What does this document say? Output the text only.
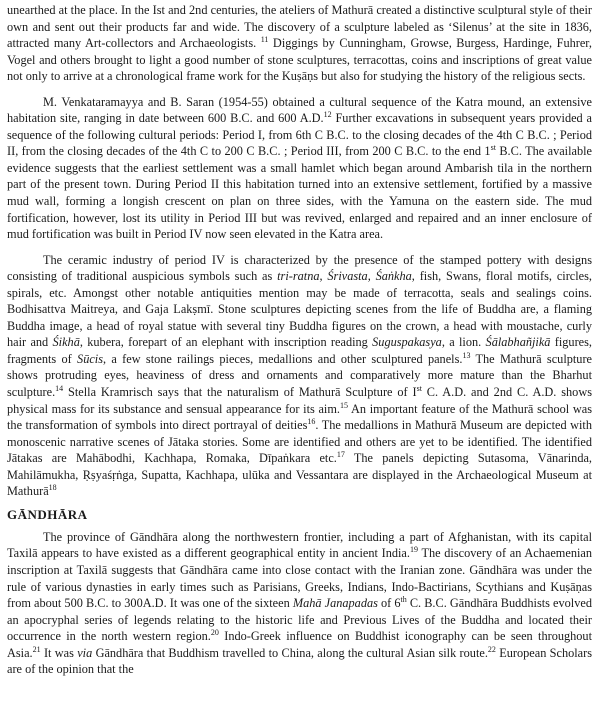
unearthed at the place. In the Ist and 2nd centuries, the ateliers of Mathurā created a distinctive sculptural style of their own and sent out their products far and wide. The discovery of a sculpture labeled as ‘Silenus’ at the site in 1836, attracted many Art-collectors and Archaeologists. $^{11}$ Diggings by Cunningham, Growse, Burgess, Hardinge, Fuhrer, Vogel and others brought to light a good number of stone sculptures, terracottas, coins and inscriptions of great value not only to arrive at a chronological frame work for the Kuṣāṇs but also for studying the history of the religious sects.

M. Venkataramayya and B. Saran (1954-55) obtained a cultural sequence of the Katra mound, an extensive habitation site, ranging in date between 600 B.C. and 600 A.D.$^{12}$ Further excavations in subsequent years provided a sequence of the following cultural periods: Period I, from 6th C B.C. to the closing decades of the 4th C B.C. ; Period II, from the closing decades of the 4th C to 200 C B.C. ; Period III, from 200 C B.C. to the end 1st B.C. The available evidence suggests that the earliest settlement was a small hamlet which began around Ambarish tila in the northern part of the present town. During Period II this habitation turned into an extensive settlement, fortified by a massive mud wall, forming a longish crescent on plan on three sides, with the Yamuna on the eastern side. The mud fortification, however, lost its utility in Period III but was revived, enlarged and repaired and an inner enclosure of mud fortification was built in Period IV now seen elevated in the Katra area.

The ceramic industry of period IV is characterized by the presence of the stamped pottery with designs consisting of traditional auspicious symbols such as tri-ratna, Śrivasta, Śaṅkha, fish, Swans, floral motifs, circles, spirals, etc. Amongst other notable antiquities mention may be made of terracotta, seals and sealings coins. Bodhisattva Maitreya, and Gaja Lakṣmī. Stone sculptures depicting scenes from the life of Buddha are, a flaming Buddha image, a head of royal statue with several tiny Buddha figures on the crown, a head with moustache, curly hair and Śikhā, kubera, forepart of an elephant with inscription reading Suguspakasya, a lion. Śālabhañjikā figures, fragments of Sūcis, a few stone railings pieces, medallions and other sculptured panels.$^{13}$ The Mathurā sculpture shows protruding eyes, heaviness of dress and ornaments and comparatively more mature than the Bharhut sculpture.$^{14}$ Stella Kramrisch says that the naturalism of Mathurā Sculpture of Ist C. A.D. and 2nd C. A.D. shows physical mass for its substance and sensual appearance for its aim.$^{15}$ An important feature of the Mathurā school was the transformation of symbols into direct portrayal of deities$^{16}$. The medallions in Mathurā Museum are depicted with monoscenic narrative scenes of Jātaka stories. Some are identified and others are yet to be identified. The identified Jātakas are Mahābodhi, Kachhapa, Romaka, Dīpaṅkara etc.$^{17}$ The panels depicting Sutasoma, Vānarinda, Mahilāmukha, Ṛṣyaśṛṅga, Supatta, Kachhapa, ulūka and Vessantara are displayed in the Archaeological Museum at Mathurā$^{18}$

GĀNDHĀRA

The province of Gāndhāra along the northwestern frontier, including a part of Afghanistan, with its capital Taxilā appears to have existed as a different geographical entity in ancient India.$^{19}$ The discovery of an Achaemenian inscription at Taxilā suggests that Gāndhāra came into close contact with the Iranian zone. Gāndhāra was under the rule of various dynasties in early times such as Parisians, Greeks, Indians, Indo-Bactirians, Scythians and Kuṣāṇas from about 500 B.C. to 300A.D. It was one of the sixteen Mahā Janapadas of 6th C. B.C. Gāndhāra Buddhists evolved an apocryphal series of legends relating to the historic life and Previous Lives of the Buddha and located their occurrence in the north western region.$^{20}$ Indo-Greek influence on Buddhist iconography can be seen throughout Asia.$^{21}$ It was via Gāndhāra that Buddhism travelled to China, along the cultural Asian silk route.$^{22}$ European Scholars are of the opinion that the
